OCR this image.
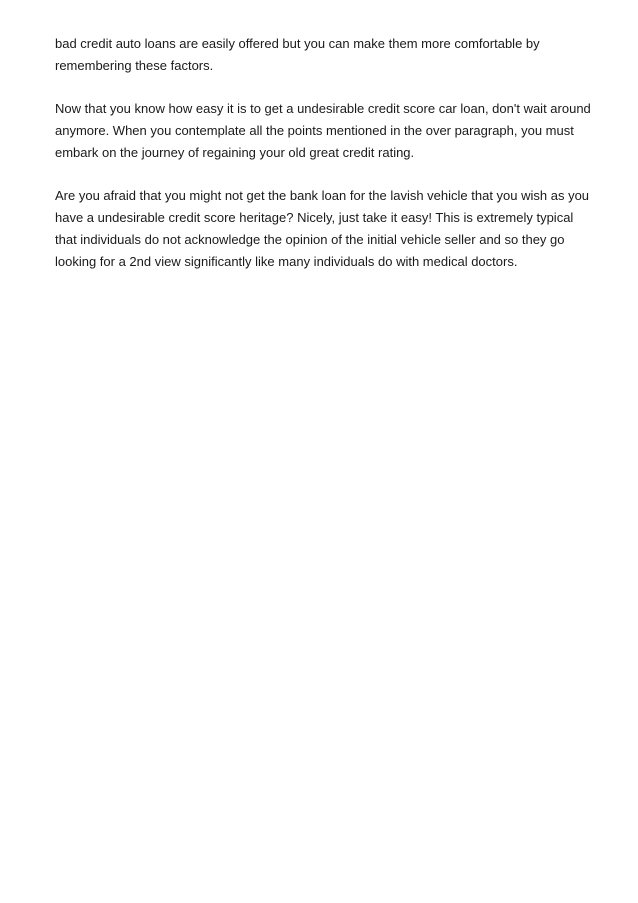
bad credit auto loans are easily offered but you can make them more comfortable by remembering these factors.

Now that you know how easy it is to get a undesirable credit score car loan, don't wait around anymore. When you contemplate all the points mentioned in the over paragraph, you must embark on the journey of regaining your old great credit rating.

Are you afraid that you might not get the bank loan for the lavish vehicle that you wish as you have a undesirable credit score heritage? Nicely, just take it easy! This is extremely typical that individuals do not acknowledge the opinion of the initial vehicle seller and so they go looking for a 2nd view significantly like many individuals do with medical doctors.
